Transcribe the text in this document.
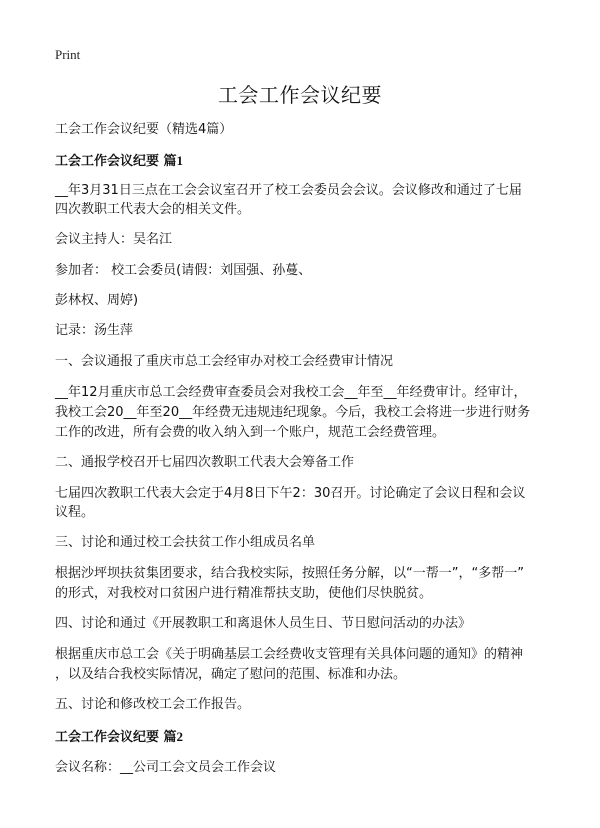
Print
工会工作会议纪要

工会工作会议纪要（精选4篇）

工会工作会议纪要 篇1

__年3月31日三点在工会会议室召开了校工会委员会会议。会议修改和通过了七届

四次教职工代表大会的相关文件。

会议主持人：吴名江

参加者： 校工会委员(请假：刘国强、孙蔓、

彭林权、周婷)

记录：汤生萍

一、会议通报了重庆市总工会经审办对校工会经费审计情况

__年12月重庆市总工会经费审查委员会对我校工会__年至__年经费审计。经审计，

我校工会20__年至20__年经费无违规违纪现象。今后，我校工会将进一步进行财务

工作的改进，所有会费的收入纳入到一个账户，规范工会经费管理。

二、通报学校召开七届四次教职工代表大会筹备工作

七届四次教职工代表大会定于4月8日下午2：30召开。讨论确定了会议日程和会议

议程。

三、讨论和通过校工会扶贫工作小组成员名单

根据沙坪坝扶贫集团要求，结合我校实际，按照任务分解，以“一帮一”，“多帮一”

的形式，对我校对口贫困户进行精准帮扶支助，使他们尽快脱贫。

四、讨论和通过《开展教职工和离退休人员生日、节日慰问活动的办法》

根据重庆市总工会《关于明确基层工会经费收支管理有关具体问题的通知》的精神

，以及结合我校实际情况，确定了慰问的范围、标准和办法。

五、讨论和修改校工会工作报告。

工会工作会议纪要 篇2

会议名称：__公司工会文员会工作会议
